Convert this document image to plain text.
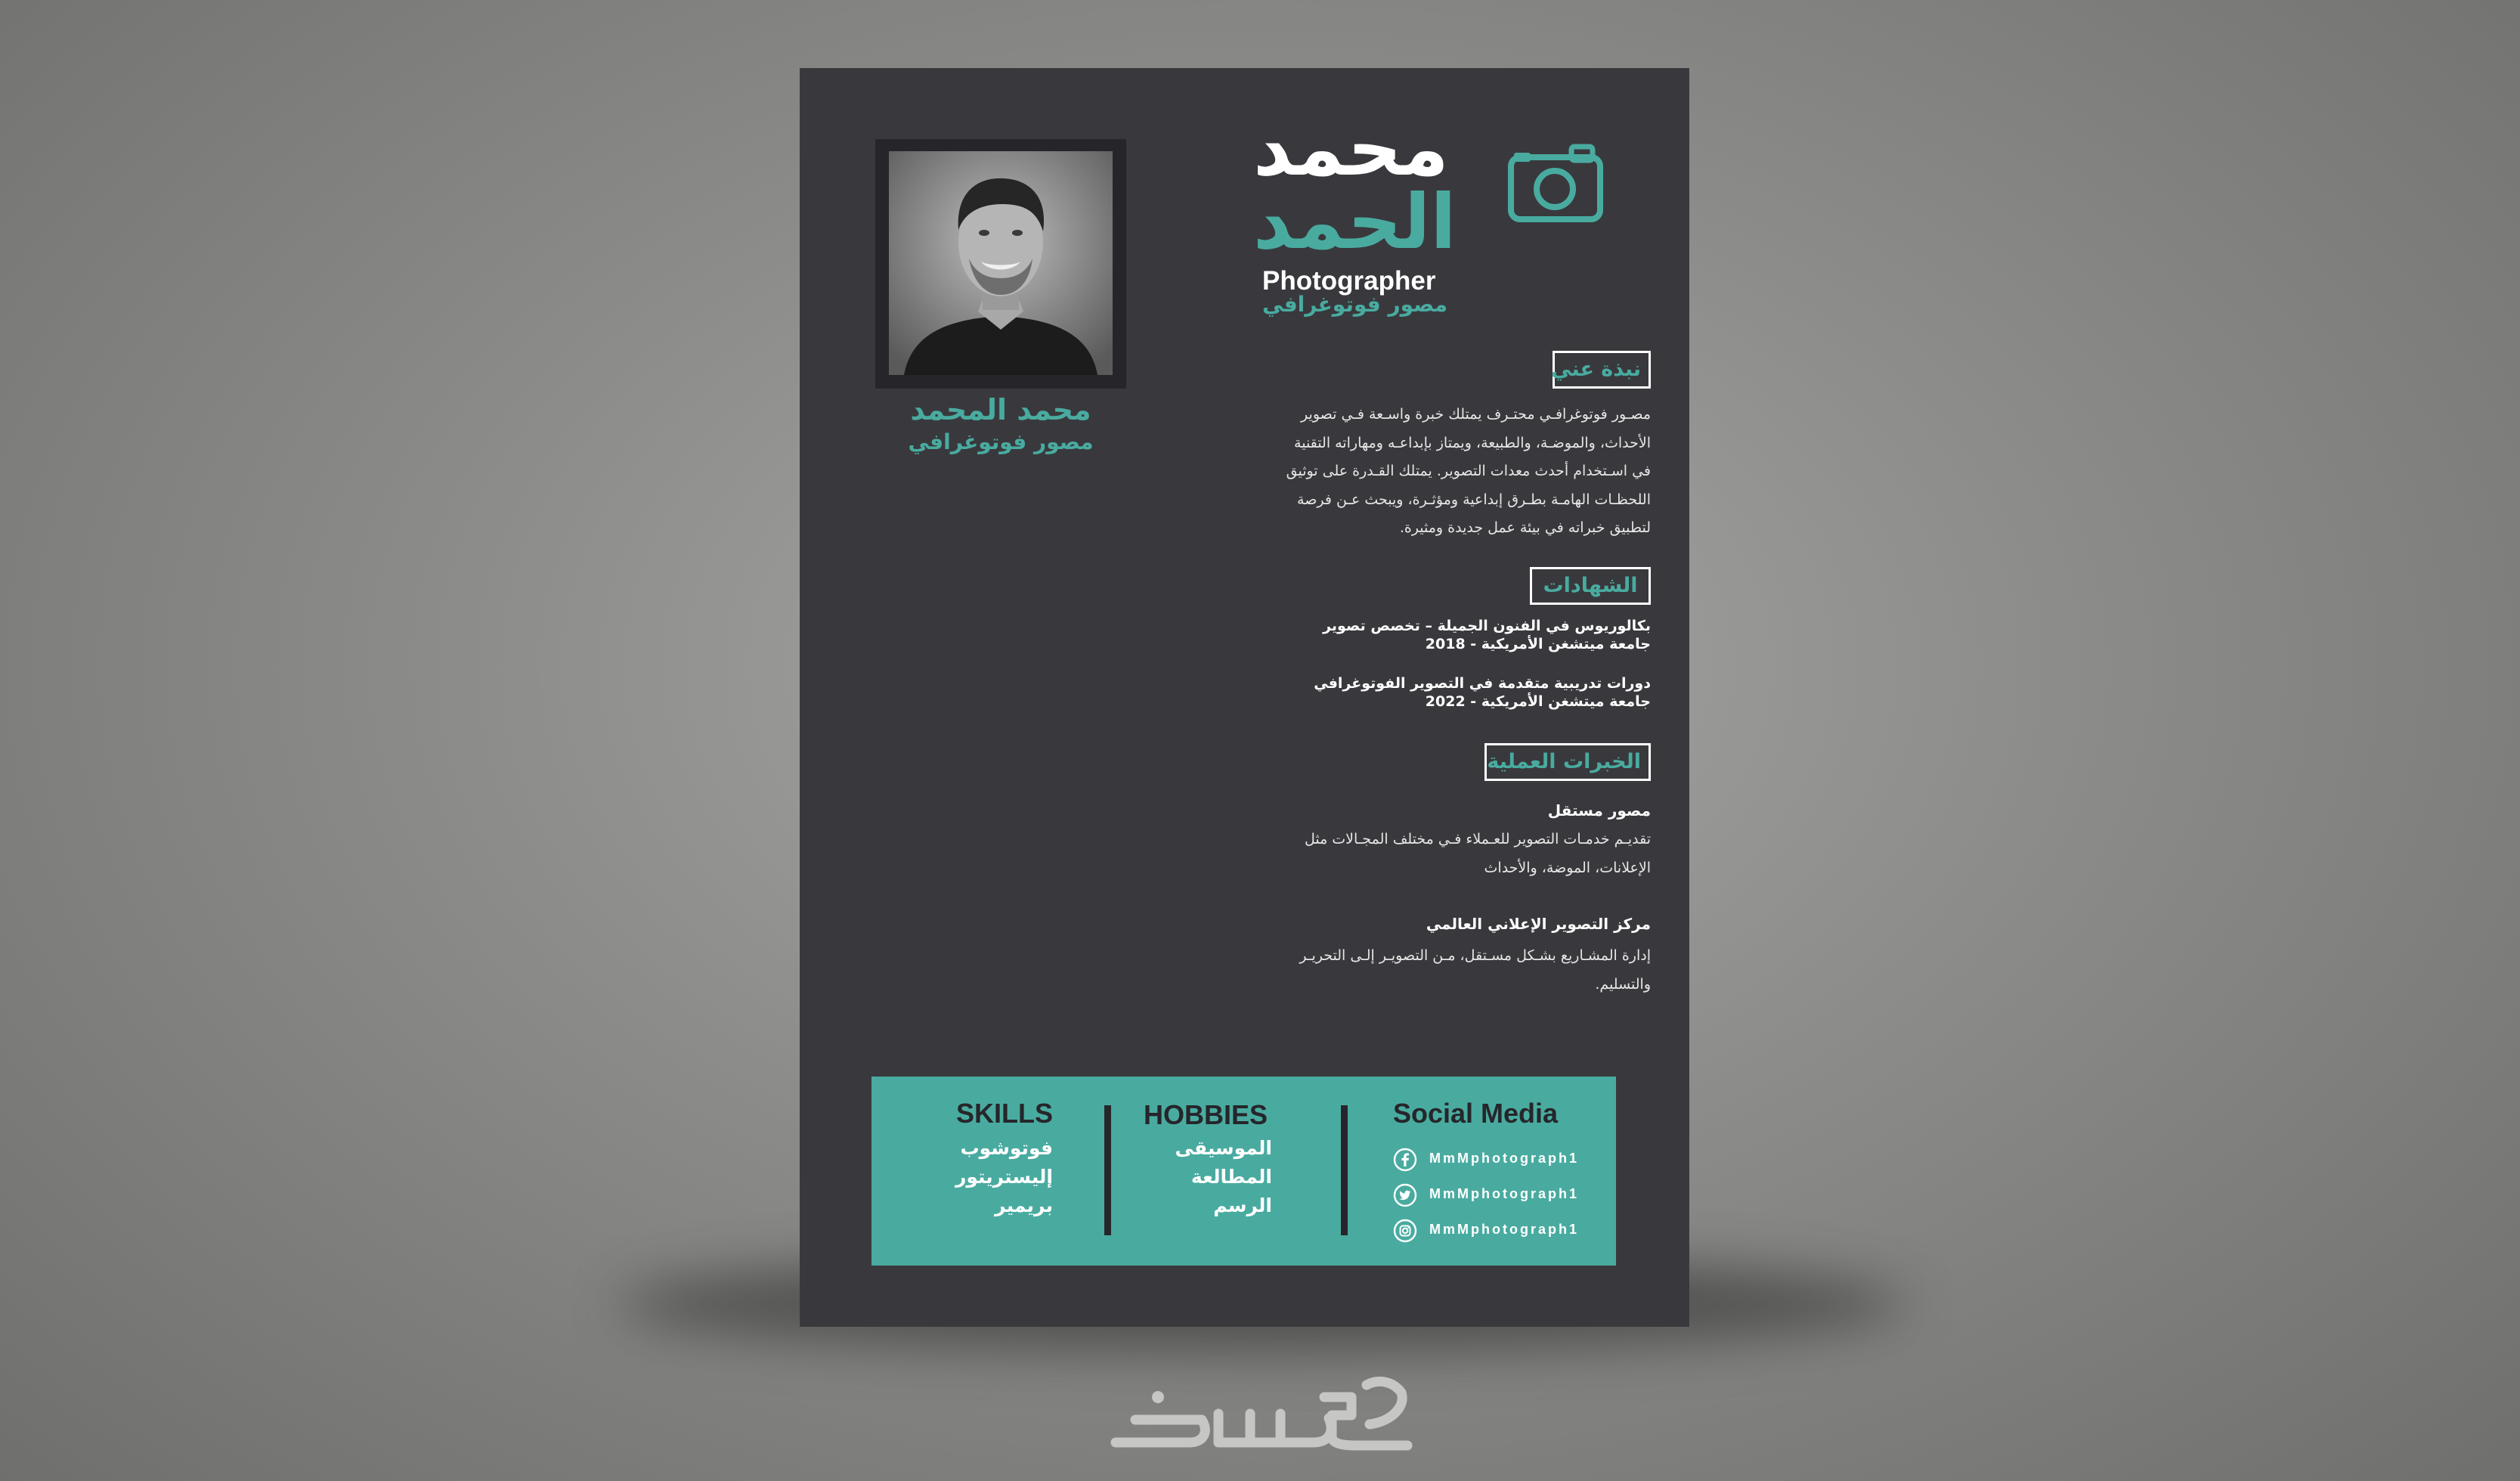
محمد
الحمد
Photographer
مصور فوتوغرافي
محمد المحمد
مصور فوتوغرافي
نبذة عني
مصـور فوتوغرافـي محتـرف يمتلك خبرة واسـعة فـي تصوير
الأحداث، والموضـة، والطبيعة، ويمتاز بإبداعـه ومهاراته التقنية
في اسـتخدام أحدث معدات التصوير. يمتلك القـدرة على توثيق
اللحظـات الهامـة بطـرق إبداعية ومؤثـرة، ويبحث عـن فرصة
لتطبيق خبراته في بيئة عمل جديدة ومثيرة.
الشهادات
بكالوريوس في الفنون الجميلة – تخصص تصوير
جامعة ميتشغن الأمريكية - 2018
دورات تدريبية متقدمة في التصوير الفوتوغرافي
جامعة ميتشغن الأمريكية - 2022
الخبرات العملية
مصور مستقل
تقديـم خدمـات التصوير للعـملاء فـي مختلف المجـالات مثل
الإعلانات، الموضة، والأحداث
مركز التصوير الإعلاني العالمي
إدارة المشـاريع بشـكل مسـتقل، مـن التصويـر إلـى التحريـر
والتسليم.
SKILLS
فوتوشوب
إليستريتور
بريمير
HOBBIES
الموسيقى
المطالعة
الرسم
Social Media
MmMphotograph1
MmMphotograph1
MmMphotograph1
